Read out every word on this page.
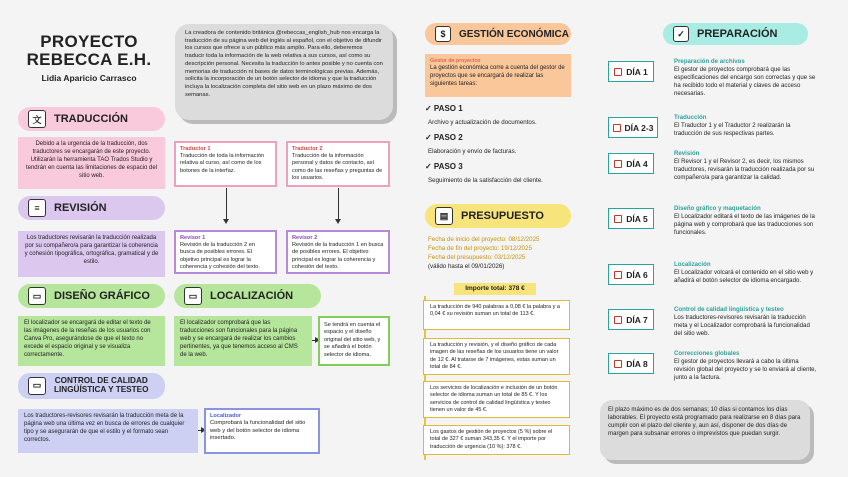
PROYECTO
REBECCA E.H.
Lidia Aparicio Carrasco
La creadora de contenido británica @rebeccas_english_hub nos encarga la traducción de su página web del inglés al español, con el objetivo de difundir los cursos que ofrece a un público más amplio. Para ello, deberemos traducir toda la información de la web relativa a sus cursos, así como su descripción personal. Necesita la traducción lo antes posible y no cuenta con memorias de traducción ni bases de datos terminológicas previas. Además, solicita la incorporación de un botón selector de idioma y que la traducción incluya la localización completa del sitio web en un plazo máximo de dos semanas.
文	TRADUCCIÓN
Debido a la urgencia de la traducción, dos traductores se encargarán de este proyecto. Utilizarán la herramienta TAO Trados Studio y tendrán en cuenta las limitaciones de espacio del sitio web.
Traductor 1
Traducción de toda la información relativa al curso, así como de los botones de la interfaz.
Traductor 2
Traducción de la información personal y datos de contacto, así como de las reseñas y preguntas de los usuarios.
≡	REVISIÓN
Los traductores revisarán la traducción realizada por su compañero/a para garantizar la coherencia y cohesión tipográfica, ortográfica, gramatical y de estilo.
Revisor 1
Revisión de la traducción 2 en busca de posibles errores. El objetivo principal es lograr la coherencia y cohesión del texto.
Revisor 2
Revisión de la traducción 1 en busca de posibles errores. El objetivo principal es lograr la coherencia y cohesión del texto.
▭	DISEÑO GRÁFICO
El localizador se encargará de editar el texto de las imágenes de la reseñas de los usuarios con Canva Pro, asegurándose de que el texto no excede el espacio original y se visualiza correctamente.
▭	LOCALIZACIÓN
El localizador comprobará que las traducciones son funcionales para la página web y se encargará de realizar los cambios pertinentes, ya que tenemos acceso al CMS de la web.
Se tendrá en cuenta el espacio y el diseño original del sitio web, y se añadirá el botón selector de idioma.
▭	CONTROL DE CALIDAD
LINGÜÍSTICA Y TESTEO
Los traductores-revisores revisarán la traducción meta de la página web una última vez en busca de errores de cualquier tipo y se asegurarán de que el estilo y el formato sean correctos.
Localizador
Comprobará la funcionalidad del sitio web y del botón selector de idioma insertado.
$	GESTIÓN ECONÓMICA
Gestor de proyectos
La gestión económica corre a cuenta del gestor de proyectos que se encargará de realizar las siguientes tareas:
✓ PASO 1
Archivo y actualización de documentos.
✓ PASO 2
Elaboración y envío de facturas.
✓ PASO 3
Seguimiento de la satisfacción del cliente.
▤	PRESUPUESTO
Fecha de inicio del proyecto: 08/12/2025
Fecha de fin del proyecto: 19/12/2025
Fecha del presupuesto: 03/12/2025
(válido hasta el 09/01/2026)
Importe total: 378 €
La traducción de 940 palabras a 0,08 € la palabra y a 0,04 € su revisión suman un total de 113 €.
La traducción y revisión, y el diseño gráfico de cada imagen de las reseñas de los usuarios tiene un valor de 12 €. Al tratarse de 7 imágenes, estas suman un total de 84 €.
Los servicios de localización e inclusión de un botón selector de idioma suman un total de 85 €. Y los servicios de control de calidad lingüística y testeo tienen un valor de 45 €.
Los gastos de gestión de proyectos (5 %) sobre el total de 327 € suman 343,35 €. Y el importe por traducción de urgencia (10 %): 378 €.
✓	PREPARACIÓN
DÍA 1
Preparación de archivos
El gestor de proyectos comprobará que las especificaciones del encargo son correctas y que se ha recibido todo el material y claves de acceso necesarias.
DÍA 2-3
Traducción
El Traductor 1 y el Traductor 2 realizarán la traducción de sus respectivas partes.
DÍA 4
Revisión
El Revisor 1 y el Revisor 2, es decir, los mismos traductores, revisarán la traducción realizada por su compañero/a para garantizar la calidad.
DÍA 5
Diseño gráfico y maquetación
El Localizador editará el texto de las imágenes de la página web y comprobará que las traducciones son funcionales.
DÍA 6
Localización
El Localizador volcará el contenido en el sitio web y añadirá el botón selector de idioma encargado.
DÍA 7
Control de calidad lingüística y testeo
Los traductores-revisores revisarán la traducción meta y el Localizador comprobará la funcionalidad del sitio web.
DÍA 8
Correcciones globales
El gestor de proyectos llevará a cabo la última revisión global del proyecto y se lo enviará al cliente, junto a la factura.
El plazo máximo es de dos semanas; 10 días si contamos los días laborables. El proyecto está programado para realizarse en 8 días para cumplir con el plazo del cliente y, aun así, disponer de dos días de margen para subsanar errores o imprevistos que puedan surgir.
